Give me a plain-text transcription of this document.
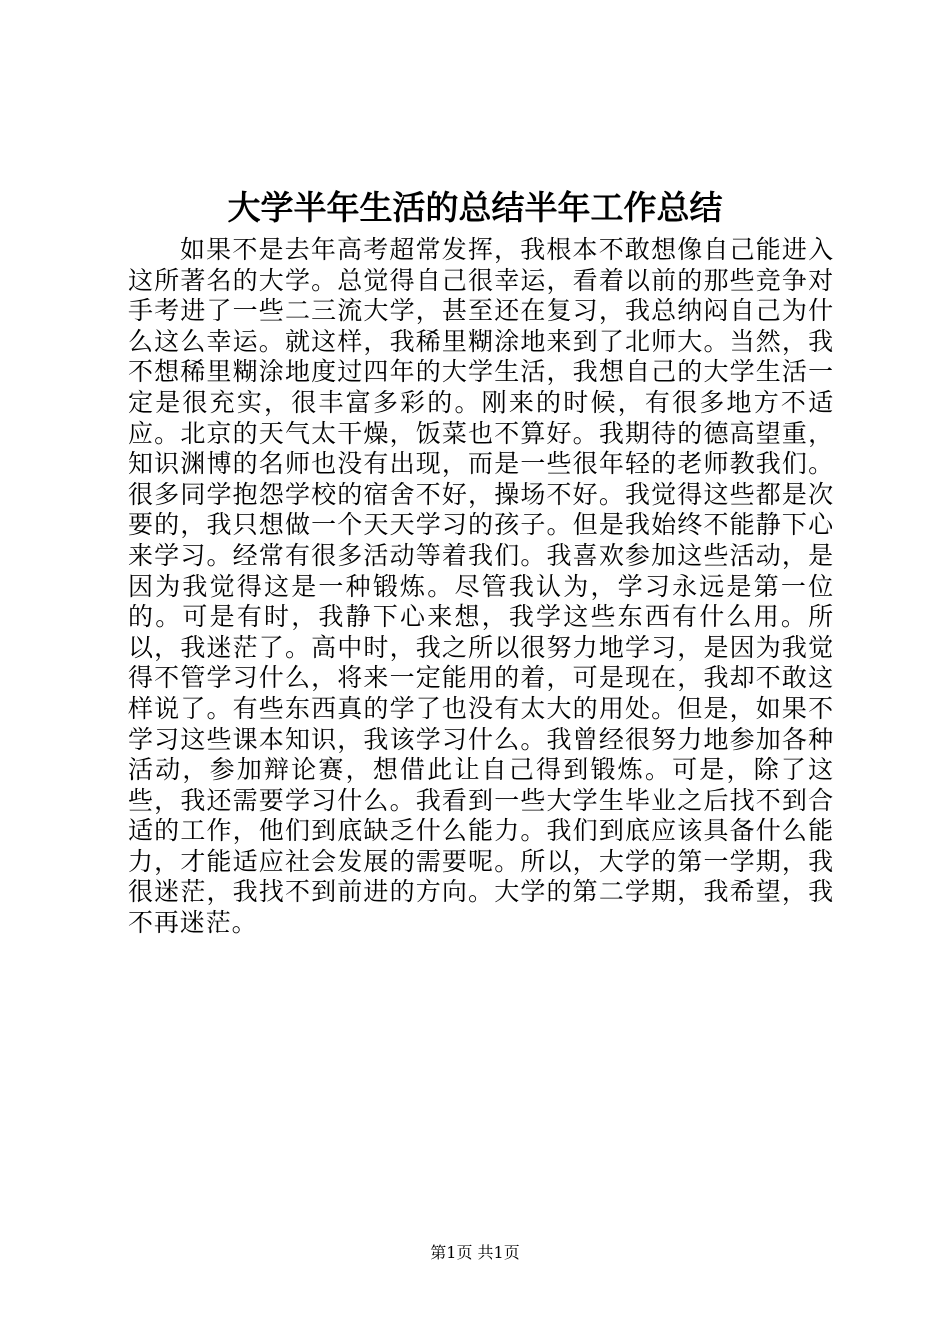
大学半年生活的总结半年工作总结

如果不是去年高考超常发挥，我根本不敢想像自己能进入这所著名的大学。总觉得自己很幸运，看着以前的那些竞争对手考进了一些二三流大学，甚至还在复习，我总纳闷自己为什么这么幸运。就这样，我稀里糊涂地来到了北师大。当然，我不想稀里糊涂地度过四年的大学生活，我想自己的大学生活一定是很充实，很丰富多彩的。刚来的时候，有很多地方不适应。北京的天气太干燥，饭菜也不算好。我期待的德高望重，知识渊博的名师也没有出现，而是一些很年轻的老师教我们。很多同学抱怨学校的宿舍不好，操场不好。我觉得这些都是次要的，我只想做一个天天学习的孩子。但是我始终不能静下心来学习。经常有很多活动等着我们。我喜欢参加这些活动，是因为我觉得这是一种锻炼。尽管我认为，学习永远是第一位的。可是有时，我静下心来想，我学这些东西有什么用。所以，我迷茫了。高中时，我之所以很努力地学习，是因为我觉得不管学习什么，将来一定能用的着，可是现在，我却不敢这样说了。有些东西真的学了也没有太大的用处。但是，如果不学习这些课本知识，我该学习什么。我曾经很努力地参加各种活动，参加辩论赛，想借此让自己得到锻炼。可是，除了这些，我还需要学习什么。我看到一些大学生毕业之后找不到合适的工作，他们到底缺乏什么能力。我们到底应该具备什么能力，才能适应社会发展的需要呢。所以，大学的第一学期，我很迷茫，我找不到前进的方向。大学的第二学期，我希望，我不再迷茫。

第1页 共1页
